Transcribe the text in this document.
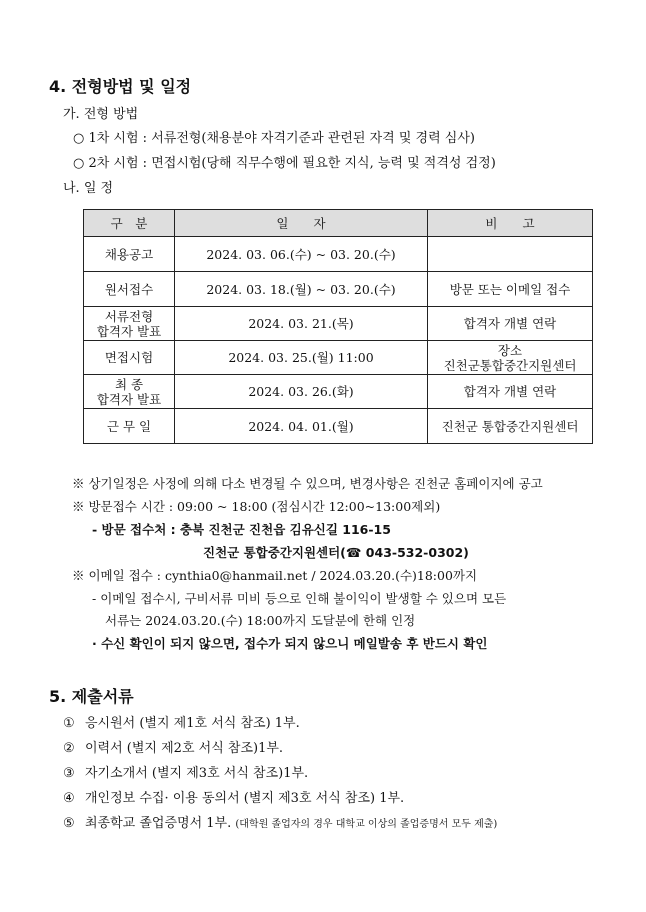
4. 전형방법 및 일정
가. 전형 방법
○ 1차 시험 : 서류전형(채용분야 자격기준과 관련된 자격 및 경력 심사)
○ 2차 시험 : 면접시험(당해 직무수행에 필요한 지식, 능력 및 적격성 검정)
나. 일 정
구　분	일　　자	비　　고
채용공고	2024. 03. 06.(수) ~ 03. 20.(수)	
원서접수	2024. 03. 18.(월) ~ 03. 20.(수)	방문 또는 이메일 접수

서류전형
합격자 발표	2024. 03. 21.(목)	합격자 개별 연락
면접시험	2024. 03. 25.(월) 11:00	장소
진천군통합중간지원센터

최 종
합격자 발표	2024. 03. 26.(화)	합격자 개별 연락
근 무 일	2024. 04. 01.(월)	진천군 통합중간지원센터
※ 상기일정은 사정에 의해 다소 변경될 수 있으며, 변경사항은 진천군 홈페이지에 공고
※ 방문접수 시간 : 09:00 ~ 18:00 (점심시간 12:00~13:00제외)
- 방문 접수처 : 충북 진천군 진천읍 김유신길 116-15
진천군 통합중간지원센터(☎ 043-532-0302)
※ 이메일 접수 : cynthia0@hanmail.net / 2024.03.20.(수)18:00까지
- 이메일 접수시, 구비서류 미비 등으로 인해 불이익이 발생할 수 있으며 모든
서류는 2024.03.20.(수) 18:00까지 도달분에 한해 인정
· 수신 확인이 되지 않으면, 접수가 되지 않으니 메일발송 후 반드시 확인
5. 제출서류
① 응시원서 (별지 제1호 서식 참조) 1부.
② 이력서 (별지 제2호 서식 참조)1부.
③ 자기소개서 (별지 제3호 서식 참조)1부.
④ 개인정보 수집· 이용 동의서 (별지 제3호 서식 참조) 1부.
⑤ 최종학교 졸업증명서 1부. (대학원 졸업자의 경우 대학교 이상의 졸업증명서 모두 제출)
